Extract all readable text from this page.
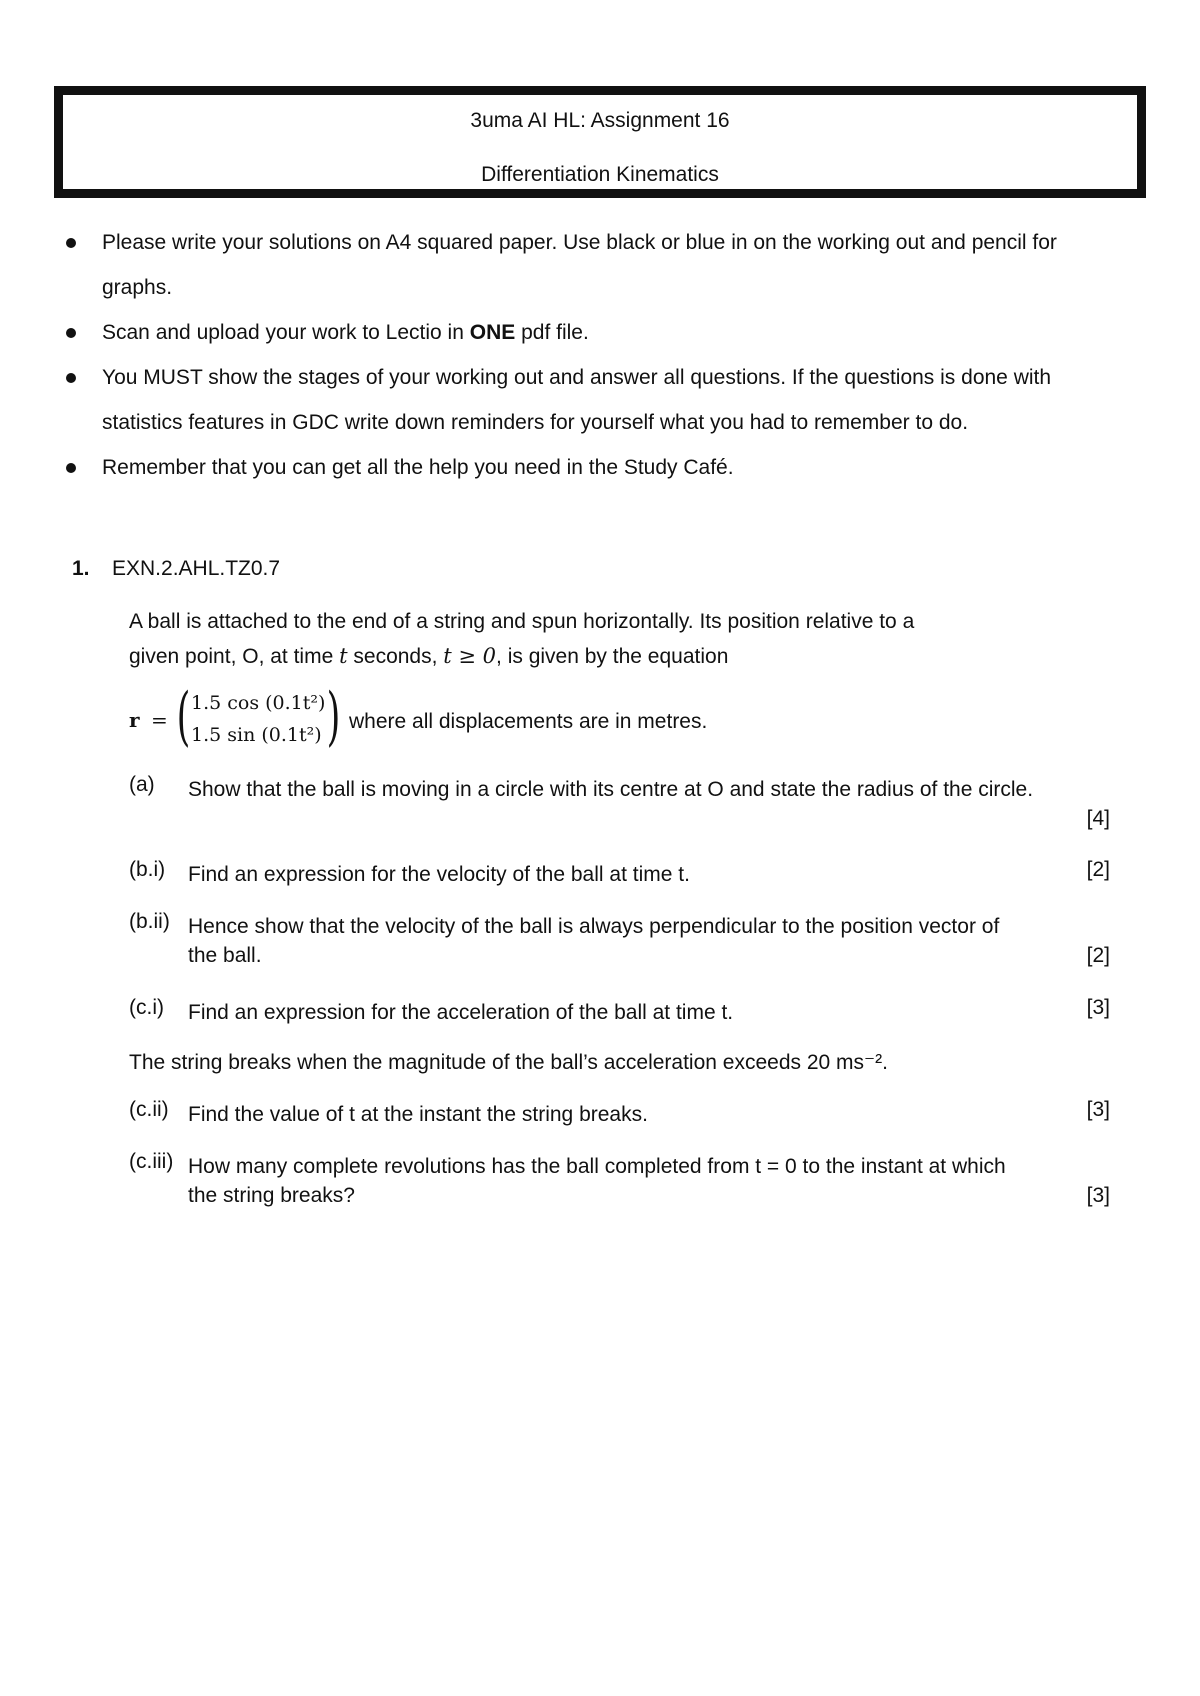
3uma AI HL: Assignment 16
Differentiation Kinematics
Please write your solutions on A4 squared paper. Use black or blue in on the working out and pencil for
graphs.
Scan and upload your work to Lectio in ONE pdf file.
You MUST show the stages of your working out and answer all questions. If the questions is done with
statistics features in GDC write down reminders for yourself what you had to remember to do.
Remember that you can get all the help you need in the Study Café.
1. EXN.2.AHL.TZ0.7
A ball is attached to the end of a string and spun horizontally. Its position relative to a
given point, O, at time t seconds, t ≥ 0, is given by the equation
r = ( 1.5 cos (0.1t²)
1.5 sin (0.1t²) ) where all displacements are in metres.
(a) Show that the ball is moving in a circle with its centre at O and state the radius of the circle.
[4]
(b.i) Find an expression for the velocity of the ball at time t.	[2]
(b.ii) Hence show that the velocity of the ball is always perpendicular to the position vector of
the ball.	[2]
(c.i) Find an expression for the acceleration of the ball at time t.	[3]
The string breaks when the magnitude of the ball’s acceleration exceeds 20 ms⁻².
(c.ii) Find the value of t at the instant the string breaks.	[3]
(c.iii) How many complete revolutions has the ball completed from t = 0 to the instant at which
the string breaks?	[3]
